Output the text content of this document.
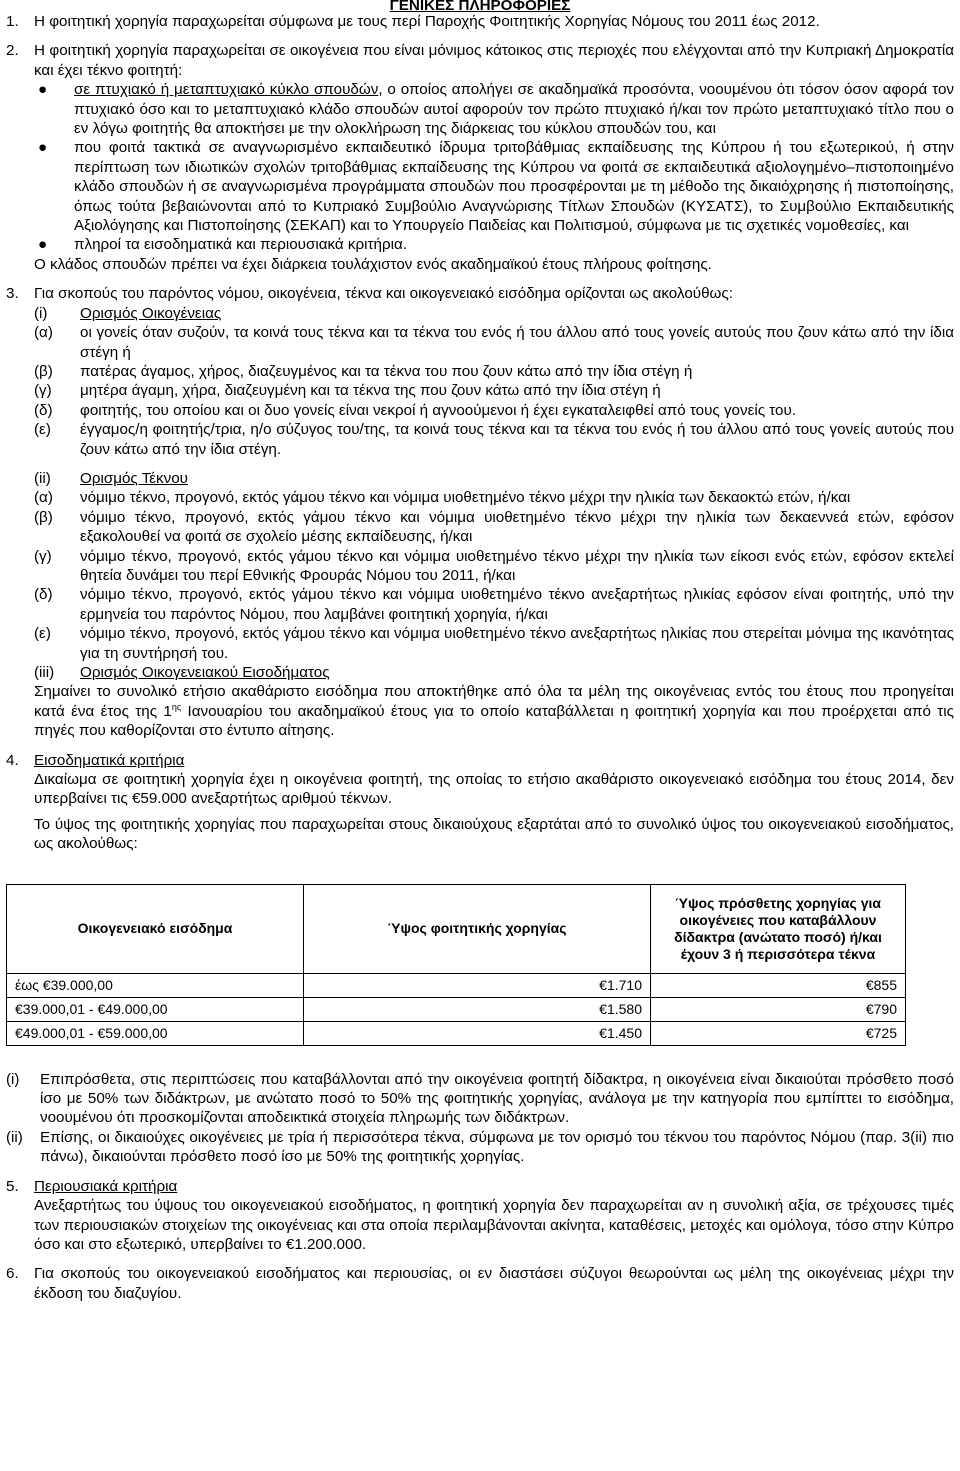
ΓΕΝΙΚΕΣ ΠΛΗΡΟΦΟΡΙΕΣ
1.	Η φοιτητική χορηγία παραχωρείται σύμφωνα με τους περί Παροχής Φοιτητικής Χορηγίας Νόμους του 2011 έως 2012.
2.	Η φοιτητική χορηγία παραχωρείται σε οικογένεια που είναι μόνιμος κάτοικος στις περιοχές που ελέγχονται από την Κυπριακή Δημοκρατία και έχει τέκνο φοιτητή:
●	σε πτυχιακό ή μεταπτυχιακό κύκλο σπουδών, ο οποίος απολήγει σε ακαδημαϊκά προσόντα, νοουμένου ότι τόσον όσον αφορά τον πτυχιακό όσο και το μεταπτυχιακό κλάδο σπουδών αυτοί αφορούν τον πρώτο πτυχιακό ή/και τον πρώτο μεταπτυχιακό τίτλο που ο εν λόγω φοιτητής θα αποκτήσει με την ολοκλήρωση της διάρκειας του κύκλου σπουδών του, και
●	που φοιτά τακτικά σε αναγνωρισμένο εκπαιδευτικό ίδρυμα τριτοβάθμιας εκπαίδευσης της Κύπρου ή του εξωτερικού, ή στην περίπτωση των ιδιωτικών σχολών τριτοβάθμιας εκπαίδευσης της Κύπρου να φοιτά σε εκπαιδευτικά αξιολογημένο–πιστοποιημένο κλάδο σπουδών ή σε αναγνωρισμένα προγράμματα σπουδών που προσφέρονται με τη μέθοδο της δικαιόχρησης ή πιστοποίησης, όπως τούτα βεβαιώνονται από το Κυπριακό Συμβούλιο Αναγνώρισης Τίτλων Σπουδών (ΚΥΣΑΤΣ), το Συμβούλιο Εκπαιδευτικής Αξιολόγησης και Πιστοποίησης (ΣΕΚΑΠ) και το Υπουργείο Παιδείας και Πολιτισμού, σύμφωνα με τις σχετικές νομοθεσίες, και
●	πληροί τα εισοδηματικά και περιουσιακά κριτήρια.
Ο κλάδος σπουδών πρέπει να έχει διάρκεια τουλάχιστον ενός ακαδημαϊκού έτους πλήρους φοίτησης.
3.	Για σκοπούς του παρόντος νόμου, οικογένεια, τέκνα και οικογενειακό εισόδημα ορίζονται ως ακολούθως:
(i)	Ορισμός Οικογένειας
(α)	οι γονείς όταν συζούν, τα κοινά τους τέκνα και τα τέκνα του ενός ή του άλλου από τους γονείς αυτούς που ζουν κάτω από την ίδια στέγη ή
(β)	πατέρας άγαμος, χήρος, διαζευγμένος και τα τέκνα του που ζουν κάτω από την ίδια στέγη ή
(γ)	μητέρα άγαμη, χήρα, διαζευγμένη και τα τέκνα της που ζουν κάτω από την ίδια στέγη ή
(δ)	φοιτητής, του οποίου και οι δυο γονείς είναι νεκροί ή αγνοούμενοι ή έχει εγκαταλειφθεί από τους γονείς του.
(ε)	έγγαμος/η φοιτητής/τρια, η/ο σύζυγος του/της, τα κοινά τους τέκνα και τα τέκνα του ενός ή του άλλου από τους γονείς αυτούς που ζουν κάτω από την ίδια στέγη.
(ii)	Ορισμός Τέκνου
(α)	νόμιμο τέκνο, προγονό, εκτός γάμου τέκνο και νόμιμα υιοθετημένο τέκνο μέχρι την ηλικία των δεκαοκτώ ετών, ή/και
(β)	νόμιμο τέκνο, προγονό, εκτός γάμου τέκνο και νόμιμα υιοθετημένο τέκνο μέχρι την ηλικία των δεκαεννεά ετών, εφόσον εξακολουθεί να φοιτά σε σχολείο μέσης εκπαίδευσης, ή/και
(γ)	νόμιμο τέκνο, προγονό, εκτός γάμου τέκνο και νόμιμα υιοθετημένο τέκνο μέχρι την ηλικία των είκοσι ενός ετών, εφόσον εκτελεί θητεία δυνάμει του περί Εθνικής Φρουράς Νόμου του 2011, ή/και
(δ)	νόμιμο τέκνο, προγονό, εκτός γάμου τέκνο και νόμιμα υιοθετημένο τέκνο ανεξαρτήτως ηλικίας εφόσον είναι φοιτητής, υπό την ερμηνεία του παρόντος Νόμου, που λαμβάνει φοιτητική χορηγία, ή/και
(ε)	νόμιμο τέκνο, προγονό, εκτός γάμου τέκνο και νόμιμα υιοθετημένο τέκνο ανεξαρτήτως ηλικίας που στερείται μόνιμα της ικανότητας για τη συντήρησή του.
(iii)	Ορισμός Οικογενειακού Εισοδήματος
Σημαίνει το συνολικό ετήσιο ακαθάριστο εισόδημα που αποκτήθηκε από όλα τα μέλη της οικογένειας εντός του έτους που προηγείται κατά ένα έτος της $1^{\eta\varsigma}$ Ιανουαρίου του ακαδημαϊκού έτους για το οποίο καταβάλλεται η φοιτητική χορηγία και που προέρχεται από τις πηγές που καθορίζονται στο έντυπο αίτησης.
4.	Εισοδηματικά κριτήρια
Δικαίωμα σε φοιτητική χορηγία έχει η οικογένεια φοιτητή, της οποίας το ετήσιο ακαθάριστο οικογενειακό εισόδημα του έτους 2014, δεν υπερβαίνει τις €59.000 ανεξαρτήτως αριθμού τέκνων.
Το ύψος της φοιτητικής χορηγίας που παραχωρείται στους δικαιούχους εξαρτάται από το συνολικό ύψος του οικογενειακού εισοδήματος, ως ακολούθως:
Οικογενειακό εισόδημα	Ύψος φοιτητικής χορηγίας	Ύψος πρόσθετης χορηγίας για οικογένειες που καταβάλλουν δίδακτρα (ανώτατο ποσό) ή/και έχουν 3 ή περισσότερα τέκνα
έως €39.000,00	€1.710	€855
€39.000,01 - €49.000,00	€1.580	€790
€49.000,01 - €59.000,00	€1.450	€725
(i)	Επιπρόσθετα, στις περιπτώσεις που καταβάλλονται από την οικογένεια φοιτητή δίδακτρα, η οικογένεια είναι δικαιούται πρόσθετο ποσό ίσο με 50% των διδάκτρων, με ανώτατο ποσό το 50% της φοιτητικής χορηγίας, ανάλογα με την κατηγορία που εμπίπτει το εισόδημα, νοουμένου ότι προσκομίζονται αποδεικτικά στοιχεία πληρωμής των διδάκτρων.
(ii)	Επίσης, οι δικαιούχες οικογένειες με τρία ή περισσότερα τέκνα, σύμφωνα με τον ορισμό του τέκνου του παρόντος Νόμου (παρ. 3(ii) πιο πάνω), δικαιούνται πρόσθετο ποσό ίσο με 50% της φοιτητικής χορηγίας.
5.	Περιουσιακά κριτήρια
Ανεξαρτήτως του ύψους του οικογενειακού εισοδήματος, η φοιτητική χορηγία δεν παραχωρείται αν η συνολική αξία, σε τρέχουσες τιμές των περιουσιακών στοιχείων της οικογένειας και στα οποία περιλαμβάνονται ακίνητα, καταθέσεις, μετοχές και ομόλογα, τόσο στην Κύπρο όσο και στο εξωτερικό, υπερβαίνει το €1.200.000.
6.	Για σκοπούς του οικογενειακού εισοδήματος και περιουσίας, οι εν διαστάσει σύζυγοι θεωρούνται ως μέλη της οικογένειας μέχρι την έκδοση του διαζυγίου.
